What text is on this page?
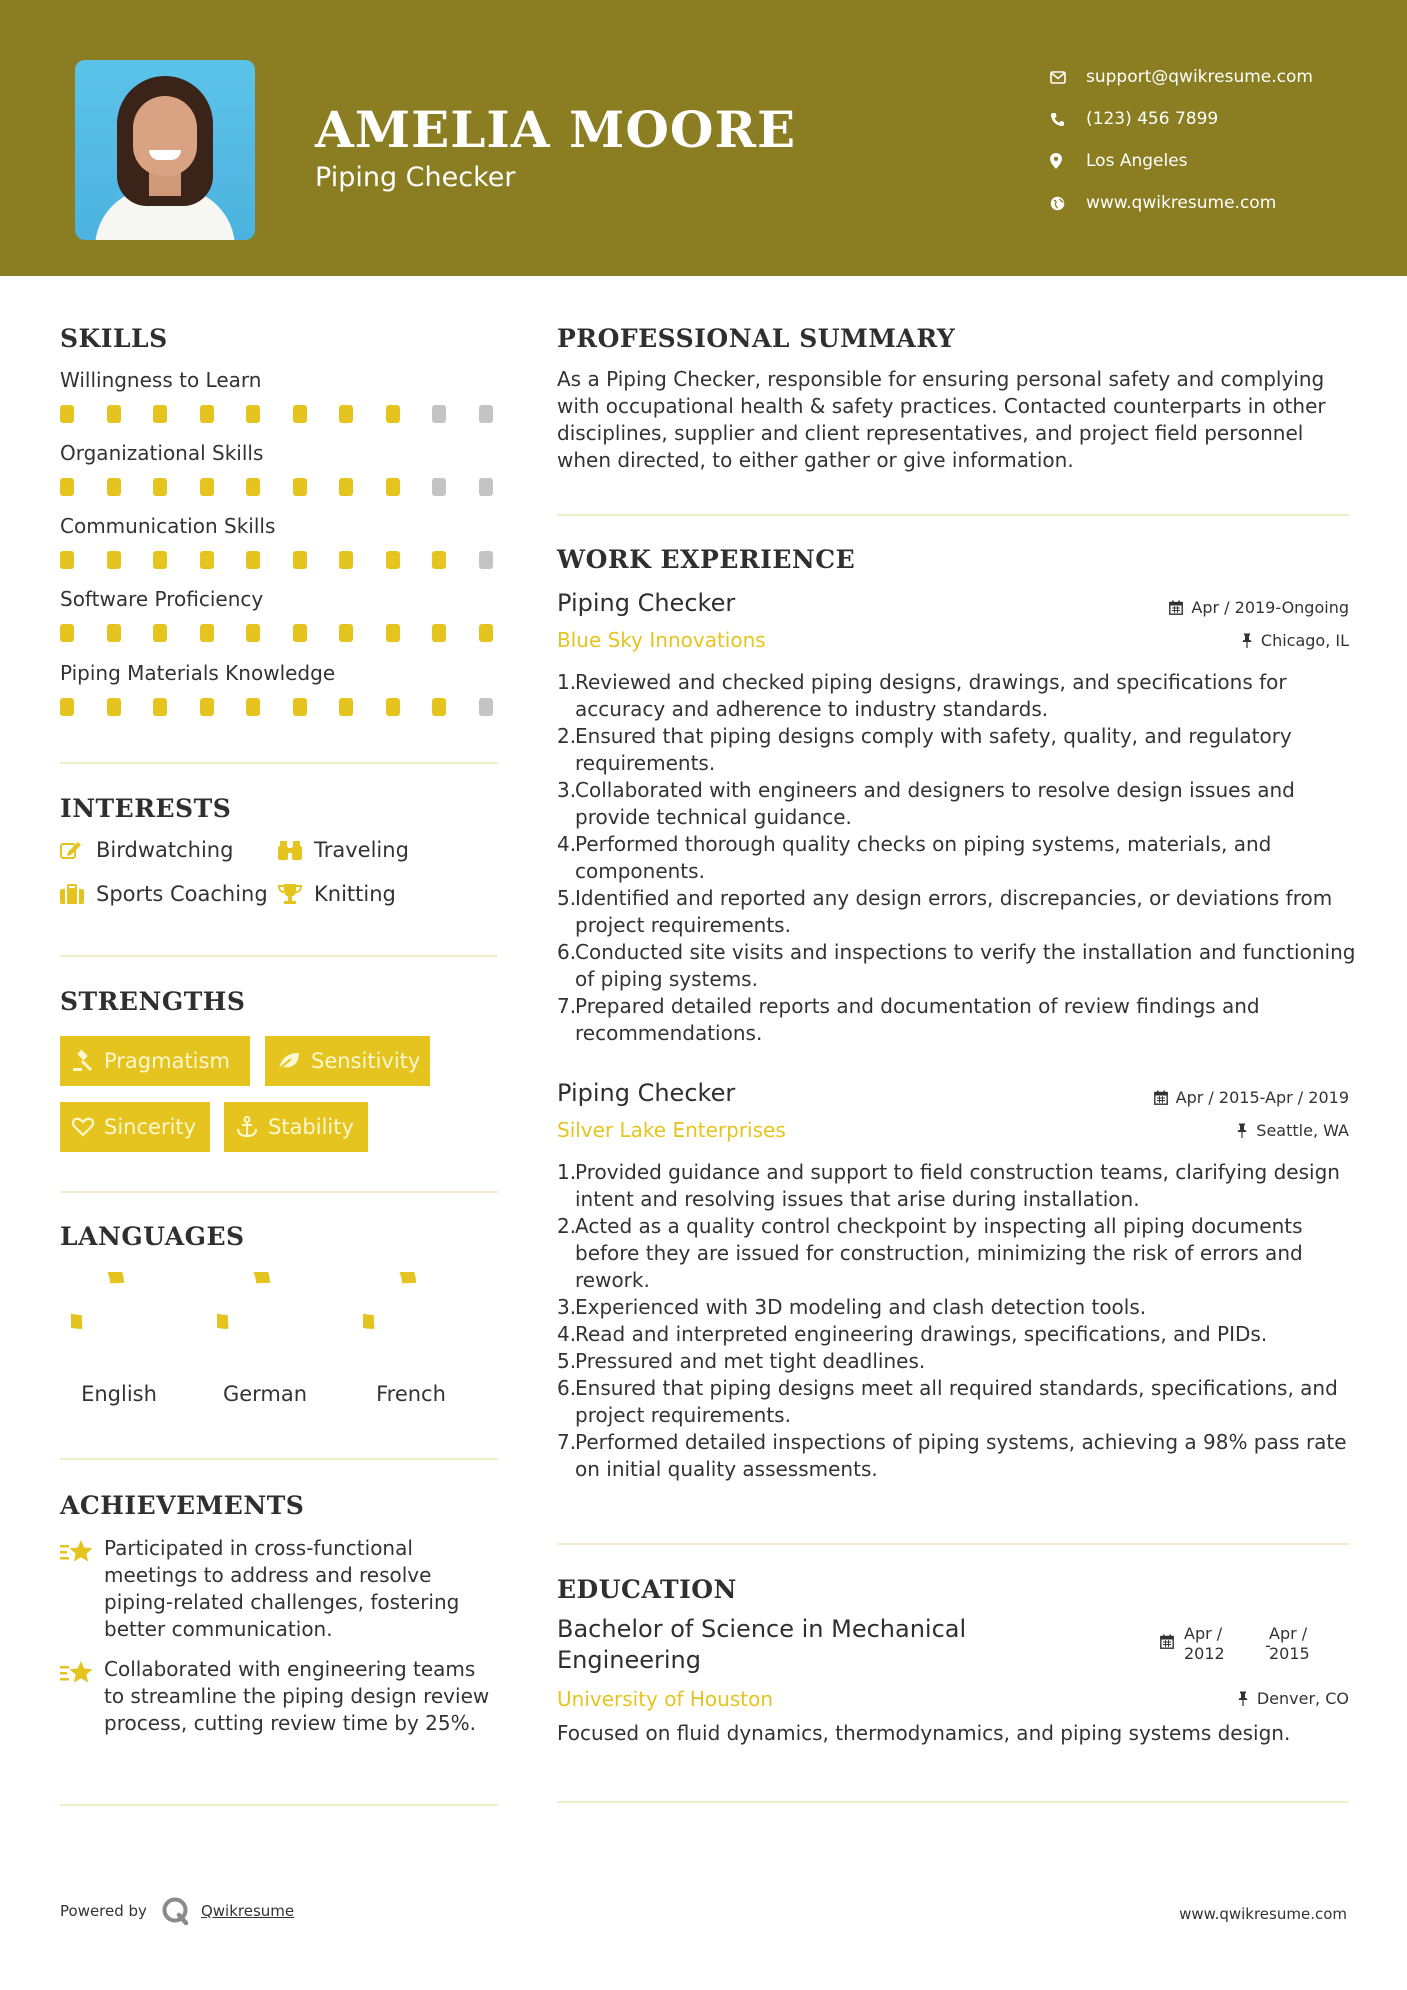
AMELIA MOORE
Piping Checker
support@qwikresume.com
(123) 456 7899
Los Angeles
www.qwikresume.com
SKILLS
Willingness to Learn
Organizational Skills
Communication Skills
Software Proficiency
Piping Materials Knowledge
INTERESTS
Birdwatching	Traveling
Sports Coaching Knitting
STRENGTHS
Pragmatism	Sensitivity
Sincerity	Stability
LANGUAGES
English	German	French
ACHIEVEMENTS
Participated in cross-functional meetings to address and resolve piping-related challenges, fostering better communication.
Collaborated with engineering teams to streamline the piping design review process, cutting review time by 25%.
PROFESSIONAL SUMMARY
As a Piping Checker, responsible for ensuring personal safety and complying with occupational health & safety practices. Contacted counterparts in other disciplines, supplier and client representatives, and project field personnel when directed, to either gather or give information.
WORK EXPERIENCE
Piping Checker	Apr / 2019-Ongoing
Blue Sky Innovations	Chicago, IL
1.
Reviewed and checked piping designs, drawings, and specifications for accuracy and adherence to industry standards.
2.
Ensured that piping designs comply with safety, quality, and regulatory requirements.
3.
Collaborated with engineers and designers to resolve design issues and provide technical guidance.
4.
Performed thorough quality checks on piping systems, materials, and components.
5.
Identified and reported any design errors, discrepancies, or deviations from project requirements.
6.
Conducted site visits and inspections to verify the installation and functioning of piping systems.
7.
Prepared detailed reports and documentation of review findings and recommendations.
Piping Checker	Apr / 2015-Apr / 2019
Silver Lake Enterprises	Seattle, WA
1.
Provided guidance and support to field construction teams, clarifying design intent and resolving issues that arise during installation.
2.
Acted as a quality control checkpoint by inspecting all piping documents before they are issued for construction, minimizing the risk of errors and rework.
3.
Experienced with 3D modeling and clash detection tools.
4.
Read and interpreted engineering drawings, specifications, and PIDs.
5.
Pressured and met tight deadlines.
6.
Ensured that piping designs meet all required standards, specifications, and project requirements.
7.
Performed detailed inspections of piping systems, achieving a 98% pass rate on initial quality assessments.
EDUCATION
Bachelor of Science in Mechanical Engineering
Apr /
2012	-
Apr /
2015
University of Houston	Denver, CO
Focused on fluid dynamics, thermodynamics, and piping systems design.
Powered by	Qwikresume	www.qwikresume.com
